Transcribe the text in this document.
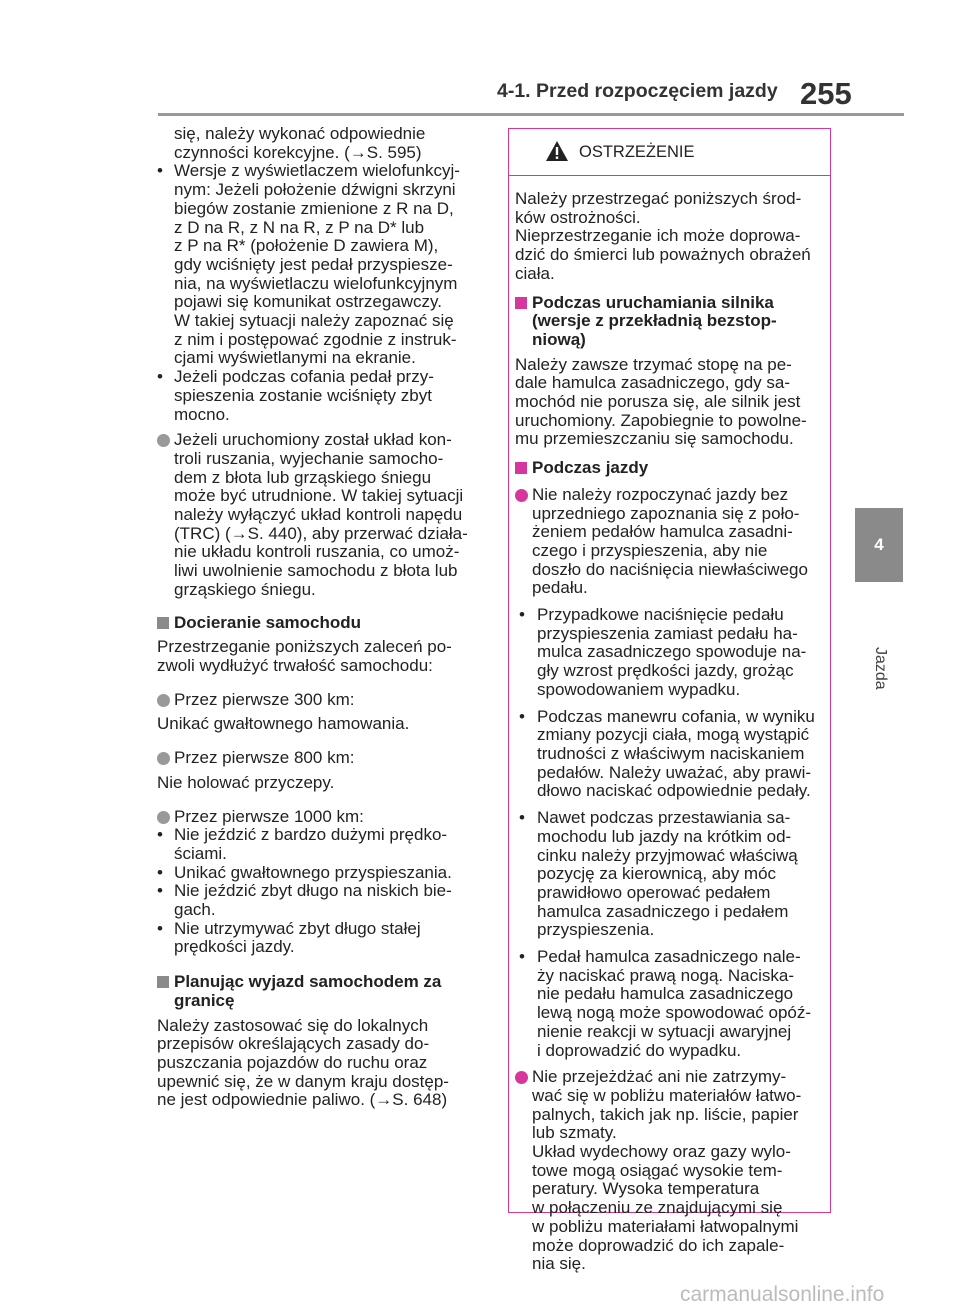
4-1. Przed rozpoczęciem jazdy 255
4
Jazda
się, należy wykonać odpowiednie
czynności korekcyjne. (→S. 595)
• Wersje z wyświetlaczem wielofunkcyj-
nym: Jeżeli położenie dźwigni skrzyni
biegów zostanie zmienione z R na D,
z D na R, z N na R, z P na D* lub
z P na R* (położenie D zawiera M),
gdy wciśnięty jest pedał przyspiesze-
nia, na wyświetlaczu wielofunkcyjnym
pojawi się komunikat ostrzegawczy.
W takiej sytuacji należy zapoznać się
z nim i postępować zgodnie z instruk-
cjami wyświetlanymi na ekranie.
• Jeżeli podczas cofania pedał przy-
spieszenia zostanie wciśnięty zbyt
mocno.
Jeżeli uruchomiony został układ kon-
troli ruszania, wyjechanie samocho-
dem z błota lub grząskiego śniegu
może być utrudnione. W takiej sytuacji
należy wyłączyć układ kontroli napędu
(TRC) (→S. 440), aby przerwać działa-
nie układu kontroli ruszania, co umoż-
liwi uwolnienie samochodu z błota lub
grząskiego śniegu.
Docieranie samochodu
Przestrzeganie poniższych zaleceń po-
zwoli wydłużyć trwałość samochodu:
Przez pierwsze 300 km:
Unikać gwałtownego hamowania.
Przez pierwsze 800 km:
Nie holować przyczepy.
Przez pierwsze 1000 km:
• Nie jeździć z bardzo dużymi prędko-
ściami.
• Unikać gwałtownego przyspieszania.
• Nie jeździć zbyt długo na niskich bie-
gach.
• Nie utrzymywać zbyt długo stałej
prędkości jazdy.
Planując wyjazd samochodem za
granicę
Należy zastosować się do lokalnych
przepisów określających zasady do-
puszczania pojazdów do ruchu oraz
upewnić się, że w danym kraju dostęp-
ne jest odpowiednie paliwo. (→S. 648)
OSTRZEŻENIE
Należy przestrzegać poniższych środ-
ków ostrożności.
Nieprzestrzeganie ich może doprowa-
dzić do śmierci lub poważnych obrażeń
ciała.
Podczas uruchamiania silnika
(wersje z przekładnią bezstop-
niową)
Należy zawsze trzymać stopę na pe-
dale hamulca zasadniczego, gdy sa-
mochód nie porusza się, ale silnik jest
uruchomiony. Zapobiegnie to powolne-
mu przemieszczaniu się samochodu.
Podczas jazdy
Nie należy rozpoczynać jazdy bez
uprzedniego zapoznania się z poło-
żeniem pedałów hamulca zasadni-
czego i przyspieszenia, aby nie
doszło do naciśnięcia niewłaściwego
pedału.
• Przypadkowe naciśnięcie pedału
przyspieszenia zamiast pedału ha-
mulca zasadniczego spowoduje na-
gły wzrost prędkości jazdy, grożąc
spowodowaniem wypadku.
• Podczas manewru cofania, w wyniku
zmiany pozycji ciała, mogą wystąpić
trudności z właściwym naciskaniem
pedałów. Należy uważać, aby prawi-
dłowo naciskać odpowiednie pedały.
• Nawet podczas przestawiania sa-
mochodu lub jazdy na krótkim od-
cinku należy przyjmować właściwą
pozycję za kierownicą, aby móc
prawidłowo operować pedałem
hamulca zasadniczego i pedałem
przyspieszenia.
• Pedał hamulca zasadniczego nale-
ży naciskać prawą nogą. Naciska-
nie pedału hamulca zasadniczego
lewą nogą może spowodować opóź-
nienie reakcji w sytuacji awaryjnej
i doprowadzić do wypadku.
Nie przejeżdżać ani nie zatrzymy-
wać się w pobliżu materiałów łatwo-
palnych, takich jak np. liście, papier
lub szmaty.
Układ wydechowy oraz gazy wylo-
towe mogą osiągać wysokie tem-
peratury. Wysoka temperatura
w połączeniu ze znajdującymi się
w pobliżu materiałami łatwopalnymi
może doprowadzić do ich zapale-
nia się.
carmanualsonline.info
